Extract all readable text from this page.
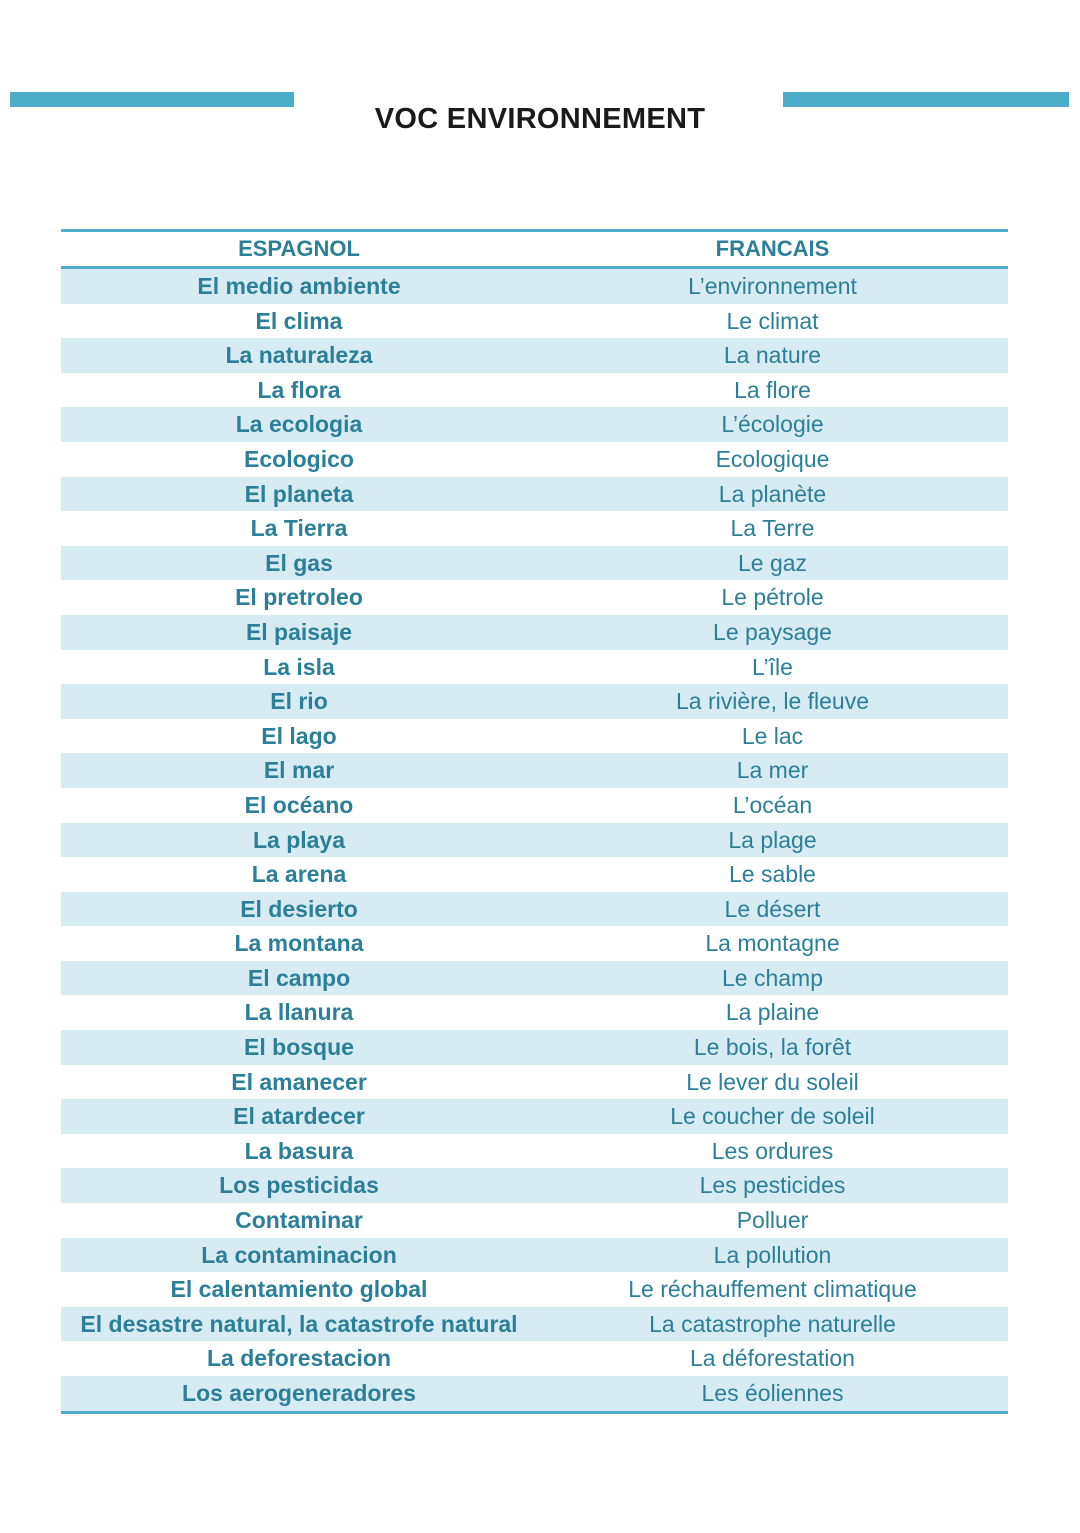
VOC ENVIRONNEMENT
ESPAGNOL	FRANCAIS
El medio ambiente	L’environnement
El clima	Le climat
La naturaleza	La nature
La flora	La flore
La ecologia	L’écologie
Ecologico	Ecologique
El planeta	La planète
La Tierra	La Terre
El gas	Le gaz
El pretroleo	Le pétrole
El paisaje	Le paysage
La isla	L’île
El rio	La rivière, le fleuve
El lago	Le lac
El mar	La mer
El océano	L’océan
La playa	La plage
La arena	Le sable
El desierto	Le désert
La montana	La montagne
El campo	Le champ
La llanura	La plaine
El bosque	Le bois, la forêt
El amanecer	Le lever du soleil
El atardecer	Le coucher de soleil
La basura	Les ordures
Los pesticidas	Les pesticides
Contaminar	Polluer
La contaminacion	La pollution
El calentamiento global	Le réchauffement climatique
El desastre natural, la catastrofe natural	La catastrophe naturelle
La deforestacion	La déforestation
Los aerogeneradores	Les éoliennes
